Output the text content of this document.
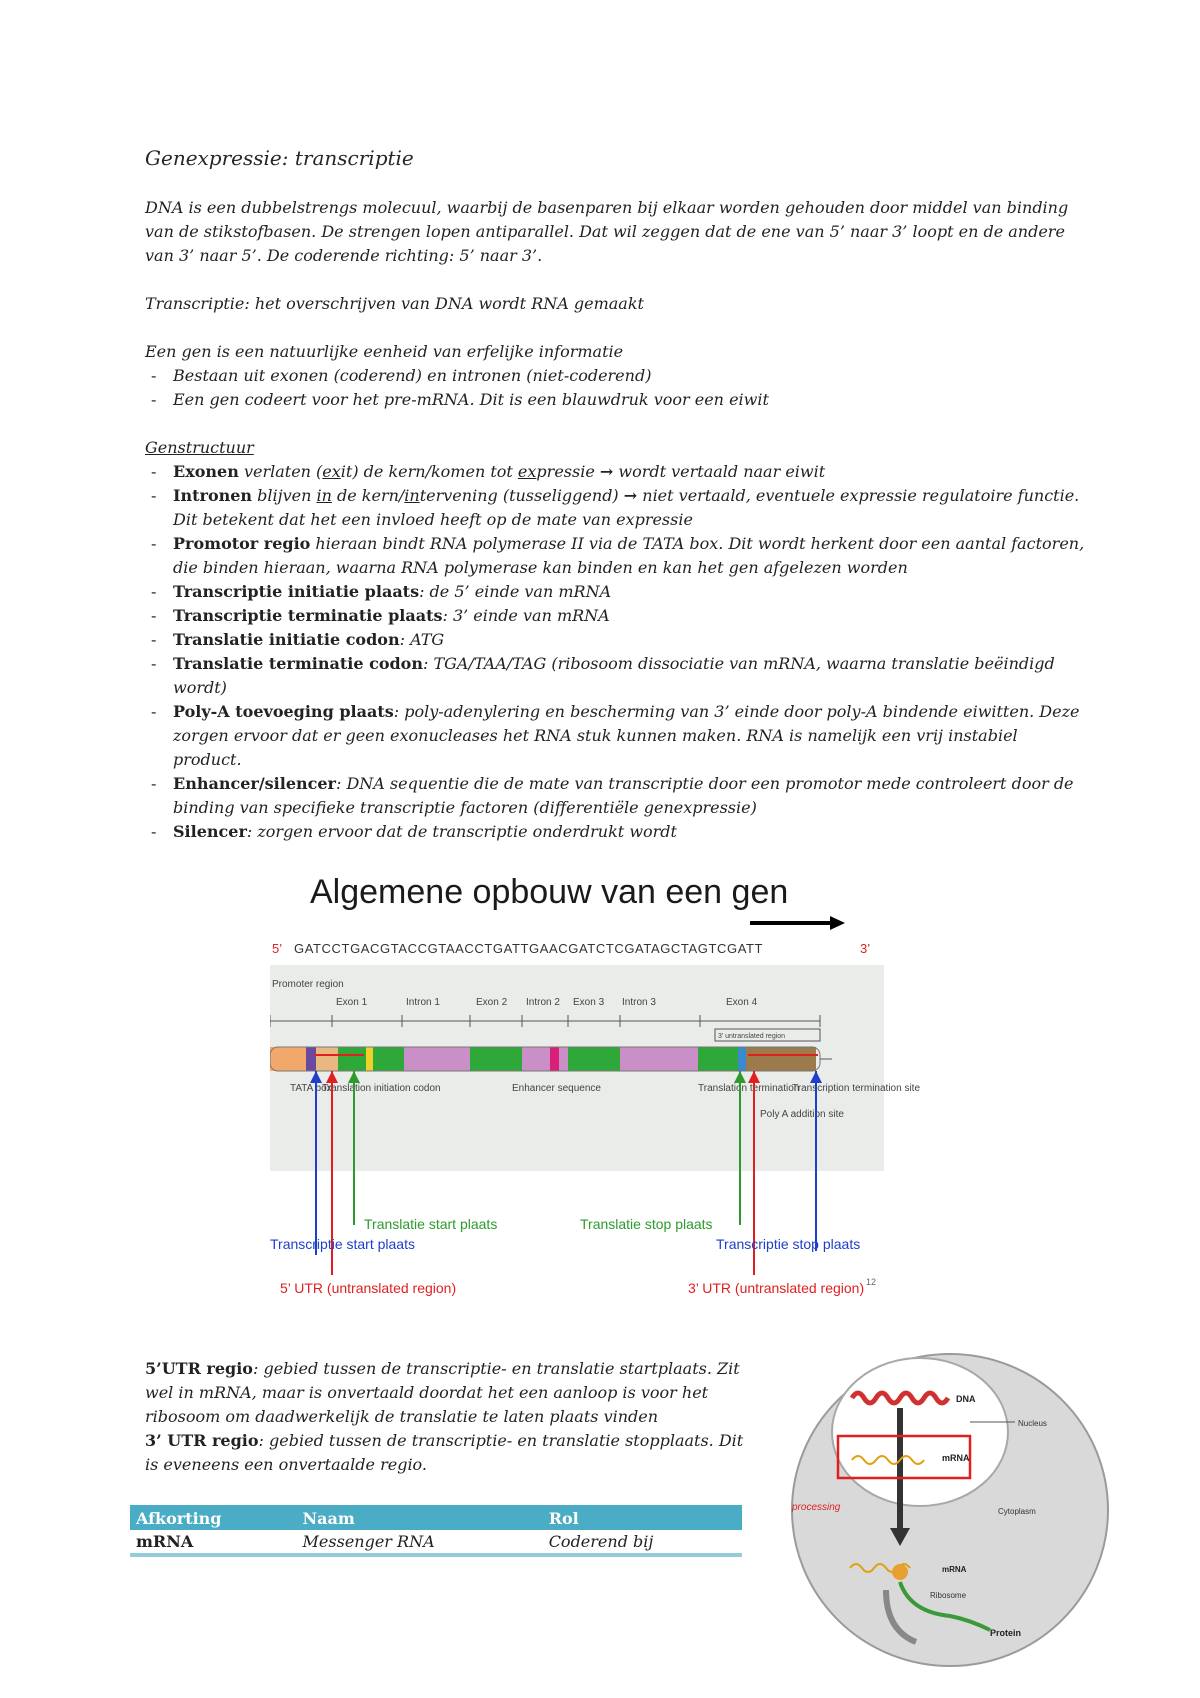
Genexpressie: transcriptie
DNA is een dubbelstrengs molecuul, waarbij de basenparen bij elkaar worden gehouden door middel van binding van de stikstofbasen. De strengen lopen antiparallel. Dat wil zeggen dat de ene van 5’ naar 3’ loopt en de andere van 3’ naar 5’. De coderende richting: 5’ naar 3’.
Transcriptie: het overschrijven van DNA wordt RNA gemaakt
Een gen is een natuurlijke eenheid van erfelijke informatie
- Bestaan uit exonen (coderend) en intronen (niet-coderend)
- Een gen codeert voor het pre-mRNA. Dit is een blauwdruk voor een eiwit
Genstructuur
- Exonen verlaten (exit) de kern/komen tot expressie → wordt vertaald naar eiwit
- Intronen blijven in de kern/intervening (tusseliggend) → niet vertaald, eventuele expressie regulatoire functie. Dit betekent dat het een invloed heeft op de mate van expressie
- Promotor regio hieraan bindt RNA polymerase II via de TATA box. Dit wordt herkent door een aantal factoren, die binden hieraan, waarna RNA polymerase kan binden en kan het gen afgelezen worden
- Transcriptie initiatie plaats: de 5’ einde van mRNA
- Transcriptie terminatie plaats: 3’ einde van mRNA
- Translatie initiatie codon: ATG
- Translatie terminatie codon: TGA/TAA/TAG (ribosoom dissociatie van mRNA, waarna translatie beëindigd wordt)
- Poly-A toevoeging plaats: poly-adenylering en bescherming van 3’ einde door poly-A bindende eiwitten. Deze zorgen ervoor dat er geen exonucleases het RNA stuk kunnen maken. RNA is namelijk een vrij instabiel product.
- Enhancer/silencer: DNA sequentie die de mate van transcriptie door een promotor mede controleert door de binding van specifieke transcriptie factoren (differentiële genexpressie)
- Silencer: zorgen ervoor dat de transcriptie onderdrukt wordt
Algemene opbouw van een gen
5’ GATCCTGACGTACCGTAACCTGATTGAACGATCTCGATAGCTAGTCGATT	3’
Promoter region
Exon 1	Intron 1	Exon 2 Intron 2 Exon 3 Intron 3	Exon 4
3’ untranslated region
TATA box
Translation initiation codon	Enhancer sequence	Translation termination
Poly A addition site
Transcription termination site
Transcriptie start plaats
5’ UTR (untranslated region)
Translatie start plaats	Translatie stop plaats
Transcriptie stop plaats
3’ UTR (untranslated region) 12
5’UTR regio: gebied tussen de transcriptie- en translatie startplaats. Zit wel in mRNA, maar is onvertaald doordat het een aanloop is voor het ribosoom om daadwerkelijk de translatie te laten plaats vinden
3’ UTR regio: gebied tussen de transcriptie- en translatie stopplaats. Dit is eveneens een onvertaalde regio.
Afkorting	Naam	Rol
mRNA	Messenger RNA	Coderend bij
DNA
mRNA
Nucleus
processing	Cytoplasm
mRNA
Ribosome
Protein
